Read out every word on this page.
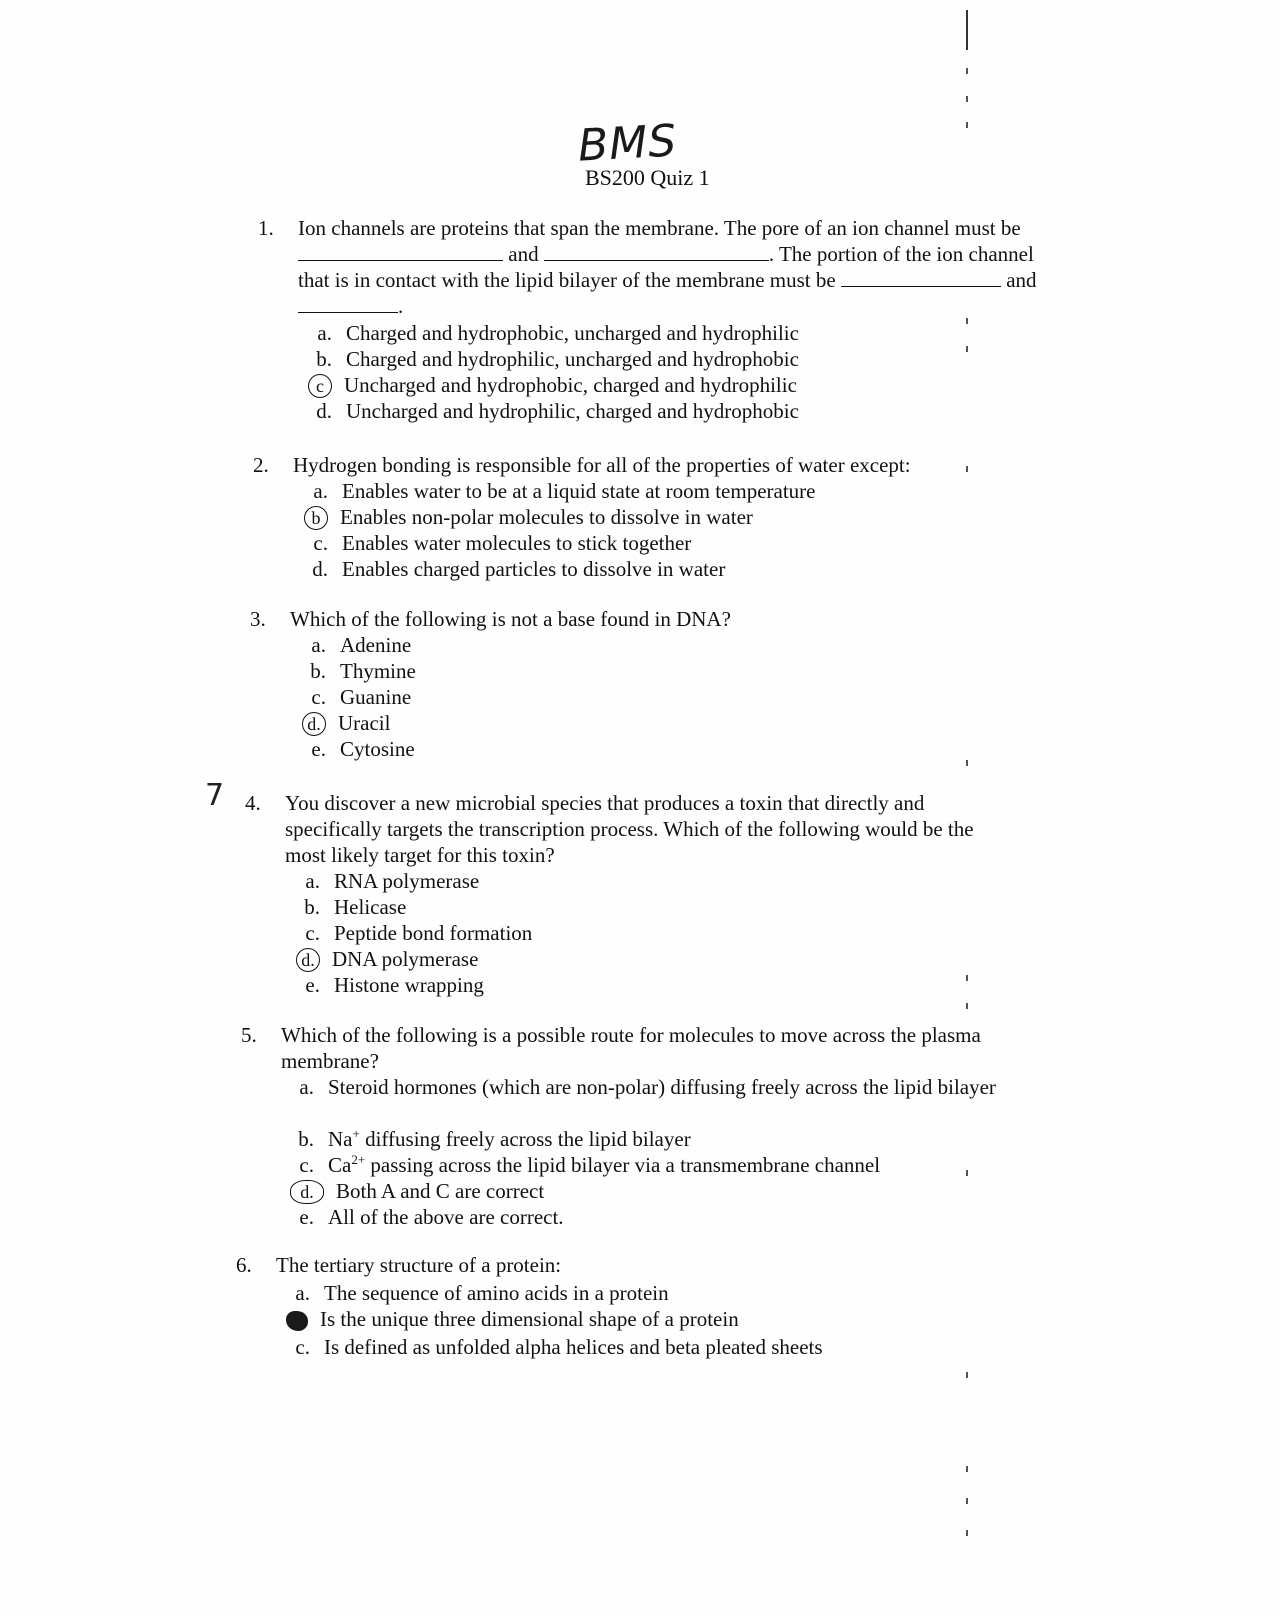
BMS
BS200 Quiz 1
7
1. Ion channels are proteins that span the membrane. The pore of an ion channel must be  and	. The portion of the ion channel that is in contact with the lipid bilayer of the membrane must be	and .
a. Charged and hydrophobic, uncharged and hydrophilic
b. Charged and hydrophilic, uncharged and hydrophobic
c Uncharged and hydrophobic, charged and hydrophilic
d. Uncharged and hydrophilic, charged and hydrophobic
2. Hydrogen bonding is responsible for all of the properties of water except:
a. Enables water to be at a liquid state at room temperature
b Enables non-polar molecules to dissolve in water
c. Enables water molecules to stick together
d. Enables charged particles to dissolve in water
3. Which of the following is not a base found in DNA?
a. Adenine
b. Thymine
c. Guanine
d. Uracil
e. Cytosine
4. You discover a new microbial species that produces a toxin that directly and specifically targets the transcription process. Which of the following would be the most likely target for this toxin?
a. RNA polymerase
b. Helicase
c. Peptide bond formation
d. DNA polymerase
e. Histone wrapping
5. Which of the following is a possible route for molecules to move across the plasma membrane?
a. Steroid hormones (which are non-polar) diffusing freely across the lipid bilayer
b. Na+ diffusing freely across the lipid bilayer
c. $Ca^{2+}$ passing across the lipid bilayer via a transmembrane channel
d. Both A and C are correct
e. All of the above are correct.
6. The tertiary structure of a protein:
a. The sequence of amino acids in a protein
Is the unique three dimensional shape of a protein
c. Is defined as unfolded alpha helices and beta pleated sheets
